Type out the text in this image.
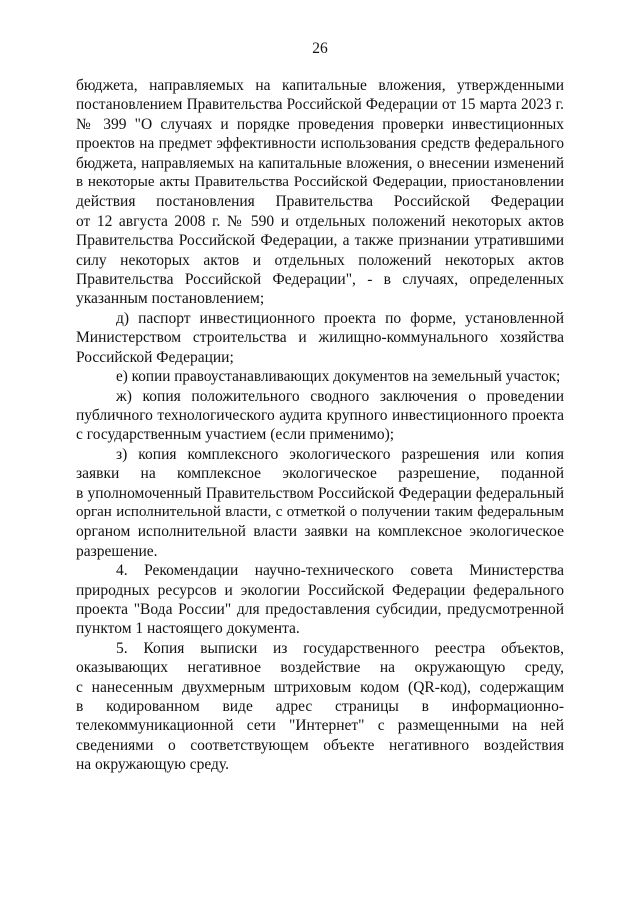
26
бюджета, направляемых на капитальные вложения, утвержденными
постановлением Правительства Российской Федерации от 15 марта 2023 г.
№ 399 "О случаях и порядке проведения проверки инвестиционных
проектов на предмет эффективности использования средств федерального
бюджета, направляемых на капитальные вложения, о внесении изменений
в некоторые акты Правительства Российской Федерации, приостановлении
действия постановления Правительства Российской Федерации
от 12 августа 2008 г. № 590 и отдельных положений некоторых актов
Правительства Российской Федерации, а также признании утратившими
силу некоторых актов и отдельных положений некоторых актов
Правительства Российской Федерации", - в случаях, определенных
указанным постановлением;
д) паспорт инвестиционного проекта по форме, установленной
Министерством строительства и жилищно-коммунального хозяйства
Российской Федерации;
е) копии правоустанавливающих документов на земельный участок;
ж) копия положительного сводного заключения о проведении
публичного технологического аудита крупного инвестиционного проекта
с государственным участием (если применимо);
з) копия комплексного экологического разрешения или копия
заявки на комплексное экологическое разрешение, поданной
в уполномоченный Правительством Российской Федерации федеральный
орган исполнительной власти, с отметкой о получении таким федеральным
органом исполнительной власти заявки на комплексное экологическое
разрешение.
4. Рекомендации научно-технического совета Министерства
природных ресурсов и экологии Российской Федерации федерального
проекта "Вода России" для предоставления субсидии, предусмотренной
пунктом 1 настоящего документа.
5. Копия выписки из государственного реестра объектов,
оказывающих негативное воздействие на окружающую среду,
с нанесенным двухмерным штриховым кодом (QR-код), содержащим
в кодированном виде адрес страницы в информационно-
телекоммуникационной сети "Интернет" с размещенными на ней
сведениями о соответствующем объекте негативного воздействия
на окружающую среду.
